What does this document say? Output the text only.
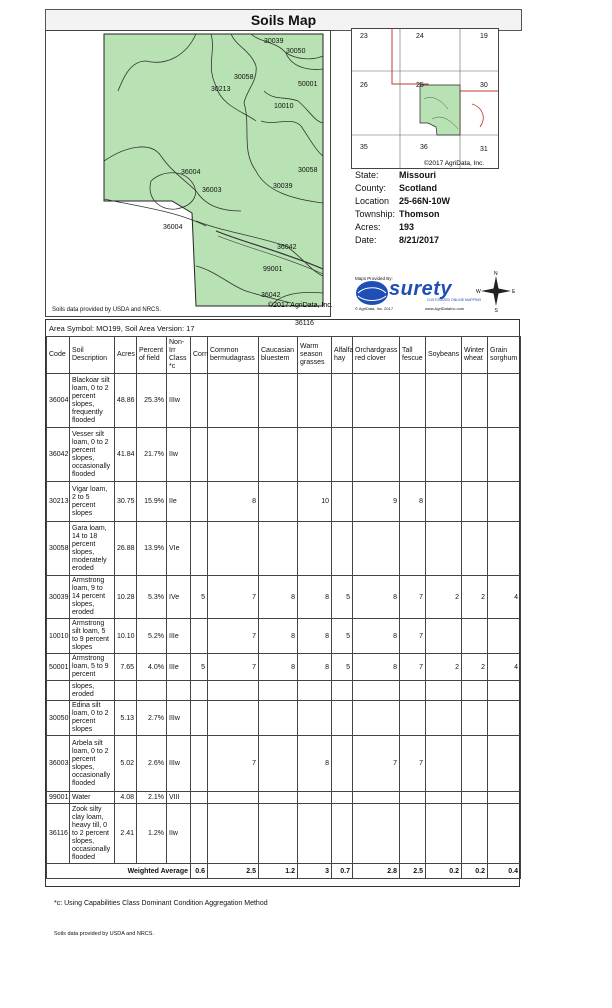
Soils Map
30039
30050
30058
50001
30213
10010
36004	30058
36003
30039
36004
36042
99001
36042
36116
©2017 AgriData, Inc.
Soils data provided by USDA and NRCS.
23	24	19
26	25	30
35	36	31
©2017 AgriData, Inc.
State:	Missouri
County:	Scotland
Location	25-66N-10W
Township: Thomson
Acres:	193
Date:	8/21/2017
Maps Provided By:
surety
CUSTOMIZED ONLINE MAPPING
© AgriData, Inc. 2017	www.AgriDataInc.com
N
S
E
W
Area Symbol: MO199, Soil Area Version: 17
Code	Soil Description	Acres	Percent of field	Non-Irr Class *c	Corn	Common bermudagrass	Caucasian bluestem	Warm season grasses	Alfalfa hay	Orchardgrass red clover	Tall fescue	Soybeans	Winter wheat	Grain sorghum
36004	Blackoar silt loam, 0 to 2 percent slopes, frequently flooded	48.86	25.3%	IIIw										
36042	Vesser silt loam, 0 to 2 percent slopes, occasionally flooded	41.84	21.7%	IIw										
30213	Vigar loam, 2 to 5 percent slopes	30.75	15.9%	IIe		8		10		9	8			
30058	Gara loam, 14 to 18 percent slopes, moderately eroded	26.88	13.9%	VIe										
30039	Armstrong loam, 9 to 14 percent slopes, eroded	10.28	5.3%	IVe	5	7	8	8	5	8	7	2	2	4
10010	Armstrong silt loam, 5 to 9 percent slopes	10.10	5.2%	IIIe		7	8	8	5	8	7			
50001	Armstrong loam, 5 to 9 percent	7.65	4.0%	IIIe	5	7	8	8	5	8	7	2	2	4
	slopes, eroded													
30050	Edina silt loam, 0 to 2 percent slopes	5.13	2.7%	IIIw										
36003	Arbela silt loam, 0 to 2 percent slopes, occasionally flooded	5.02	2.6%	IIIw		7		8		7	7			
99001	Water	4.08	2.1%	VIII										
36116	Zook silty clay loam, heavy till, 0 to 2 percent slopes, occasionally flooded	2.41	1.2%	IIw										
Weighted Average					0.6	2.5	1.2	3	0.7	2.8	2.5	0.2	0.2	0.4
*c: Using Capabilities Class Dominant Condition Aggregation Method
Soils data provided by USDA and NRCS.
